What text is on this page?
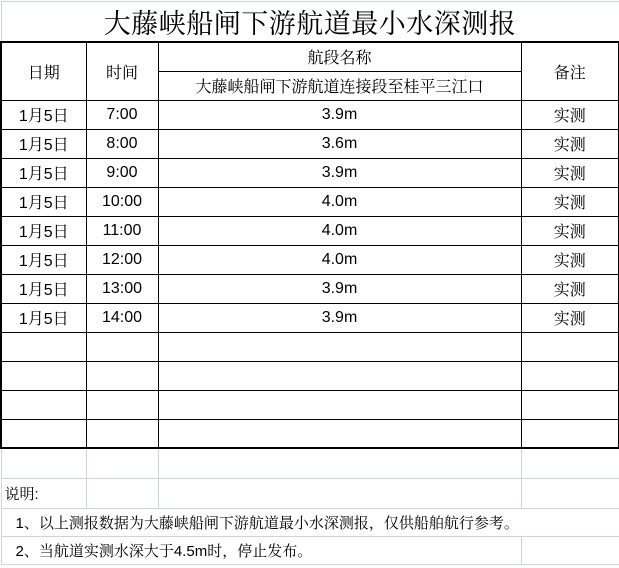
大藤峡船闸下游航道最小水深测报			
日期	时间	航段名称	备注
		大藤峡船闸下游航道连接段至桂平三江口	
1月5日	7:00	3.9m	实测
1月5日	8:00	3.6m	实测
1月5日	9:00	3.9m	实测
1月5日	10:00	4.0m	实测
1月5日	11:00	4.0m	实测
1月5日	12:00	4.0m	实测
1月5日	13:00	3.9m	实测
1月5日	14:00	3.9m	实测

说明:			
1、以上测报数据为大藤峡船闸下游航道最小水深测报，仅供船舶航行参考。			
2、当航道实测水深大于4.5m时，停止发布。			
